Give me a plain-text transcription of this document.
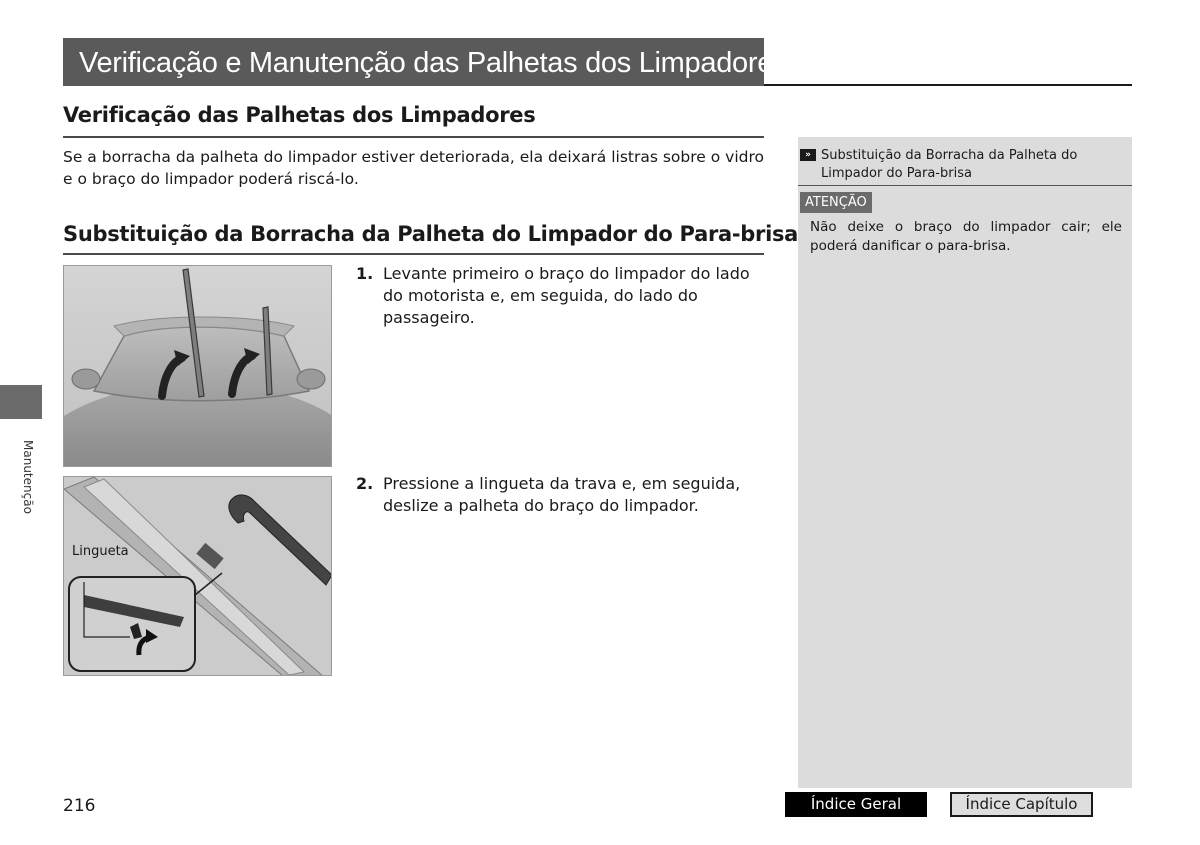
Verificação e Manutenção das Palhetas dos Limpadores
Verificação das Palhetas dos Limpadores
Se a borracha da palheta do limpador estiver deteriorada, ela deixará listras sobre o vidro e o braço do limpador poderá riscá-lo.
Substituição da Borracha da Palheta do Limpador do Para-brisa
1. Levante primeiro o braço do limpador do lado do motorista e, em seguida, do lado do passageiro.
Lingueta
2. Pressione a lingueta da trava e, em seguida, deslize a palheta do braço do limpador.
» Substituição da Borracha da Palheta do Limpador do Para-brisa
ATENÇÃO
Não deixe o braço do limpador cair; ele poderá danificar o para-brisa.
Manutenção
216	Índice Geral	Índice Capítulo
